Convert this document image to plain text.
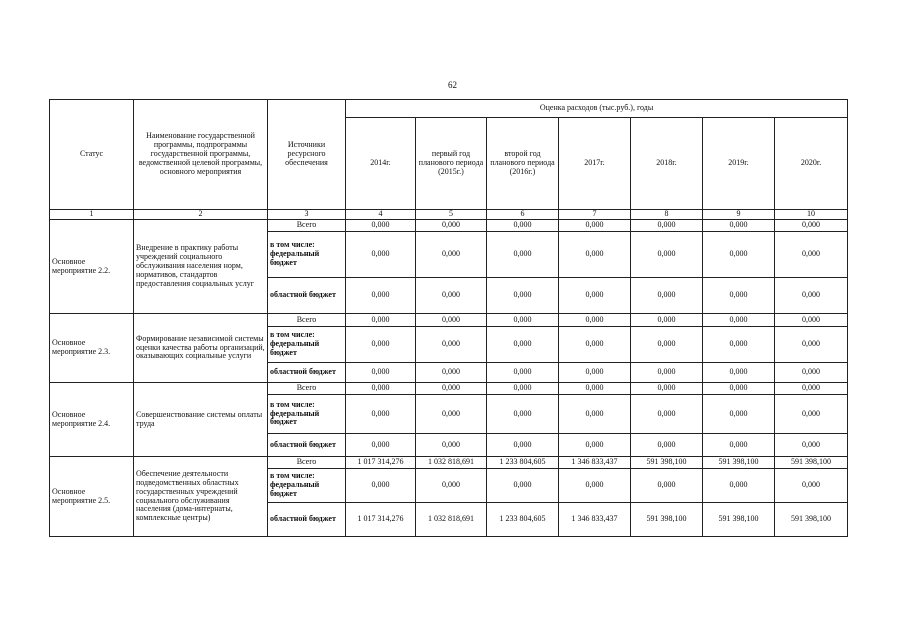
62
Статус	Наименование государственной программы, подпрограммы государственной программы, ведомственной целевой программы, основного мероприятия	Источники ресурсного обеспечения	Оценка расходов (тыс.руб.), годы						
			2014г.	первый год планового периода (2015г.)	второй год планового периода (2016г.)	2017г.	2018г.	2019г.	2020г.
1	2	3	4	5	6	7	8	9	10
Основное мероприятие 2.2.	Внедрение в практику работы учреждений социального обслуживания населения норм, нормативов, стандартов предоставления социальных услуг	Всего	0,000	0,000	0,000	0,000	0,000	0,000	0,000
		в том числе: федеральный бюджет	0,000	0,000	0,000	0,000	0,000	0,000	0,000
		областной бюджет	0,000	0,000	0,000	0,000	0,000	0,000	0,000
Основное мероприятие 2.3.	Формирование независимой системы оценки качества работы организаций, оказывающих социальные услуги	Всего	0,000	0,000	0,000	0,000	0,000	0,000	0,000
		в том числе: федеральный бюджет	0,000	0,000	0,000	0,000	0,000	0,000	0,000
		областной бюджет	0,000	0,000	0,000	0,000	0,000	0,000	0,000
Основное мероприятие 2.4.	Совершенствование системы оплаты труда	Всего	0,000	0,000	0,000	0,000	0,000	0,000	0,000
		в том числе: федеральный бюджет	0,000	0,000	0,000	0,000	0,000	0,000	0,000
		областной бюджет	0,000	0,000	0,000	0,000	0,000	0,000	0,000
Основное мероприятие 2.5.	Обеспечение деятельности подведомственных областных государственных учреждений социального обслуживания населения (дома-интернаты, комплексные центры)	Всего	1 017 314,276	1 032 818,691	1 233 804,605	1 346 833,437	591 398,100	591 398,100	591 398,100
		в том числе: федеральный бюджет	0,000	0,000	0,000	0,000	0,000	0,000	0,000
		областной бюджет	1 017 314,276	1 032 818,691	1 233 804,605	1 346 833,437	591 398,100	591 398,100	591 398,100
